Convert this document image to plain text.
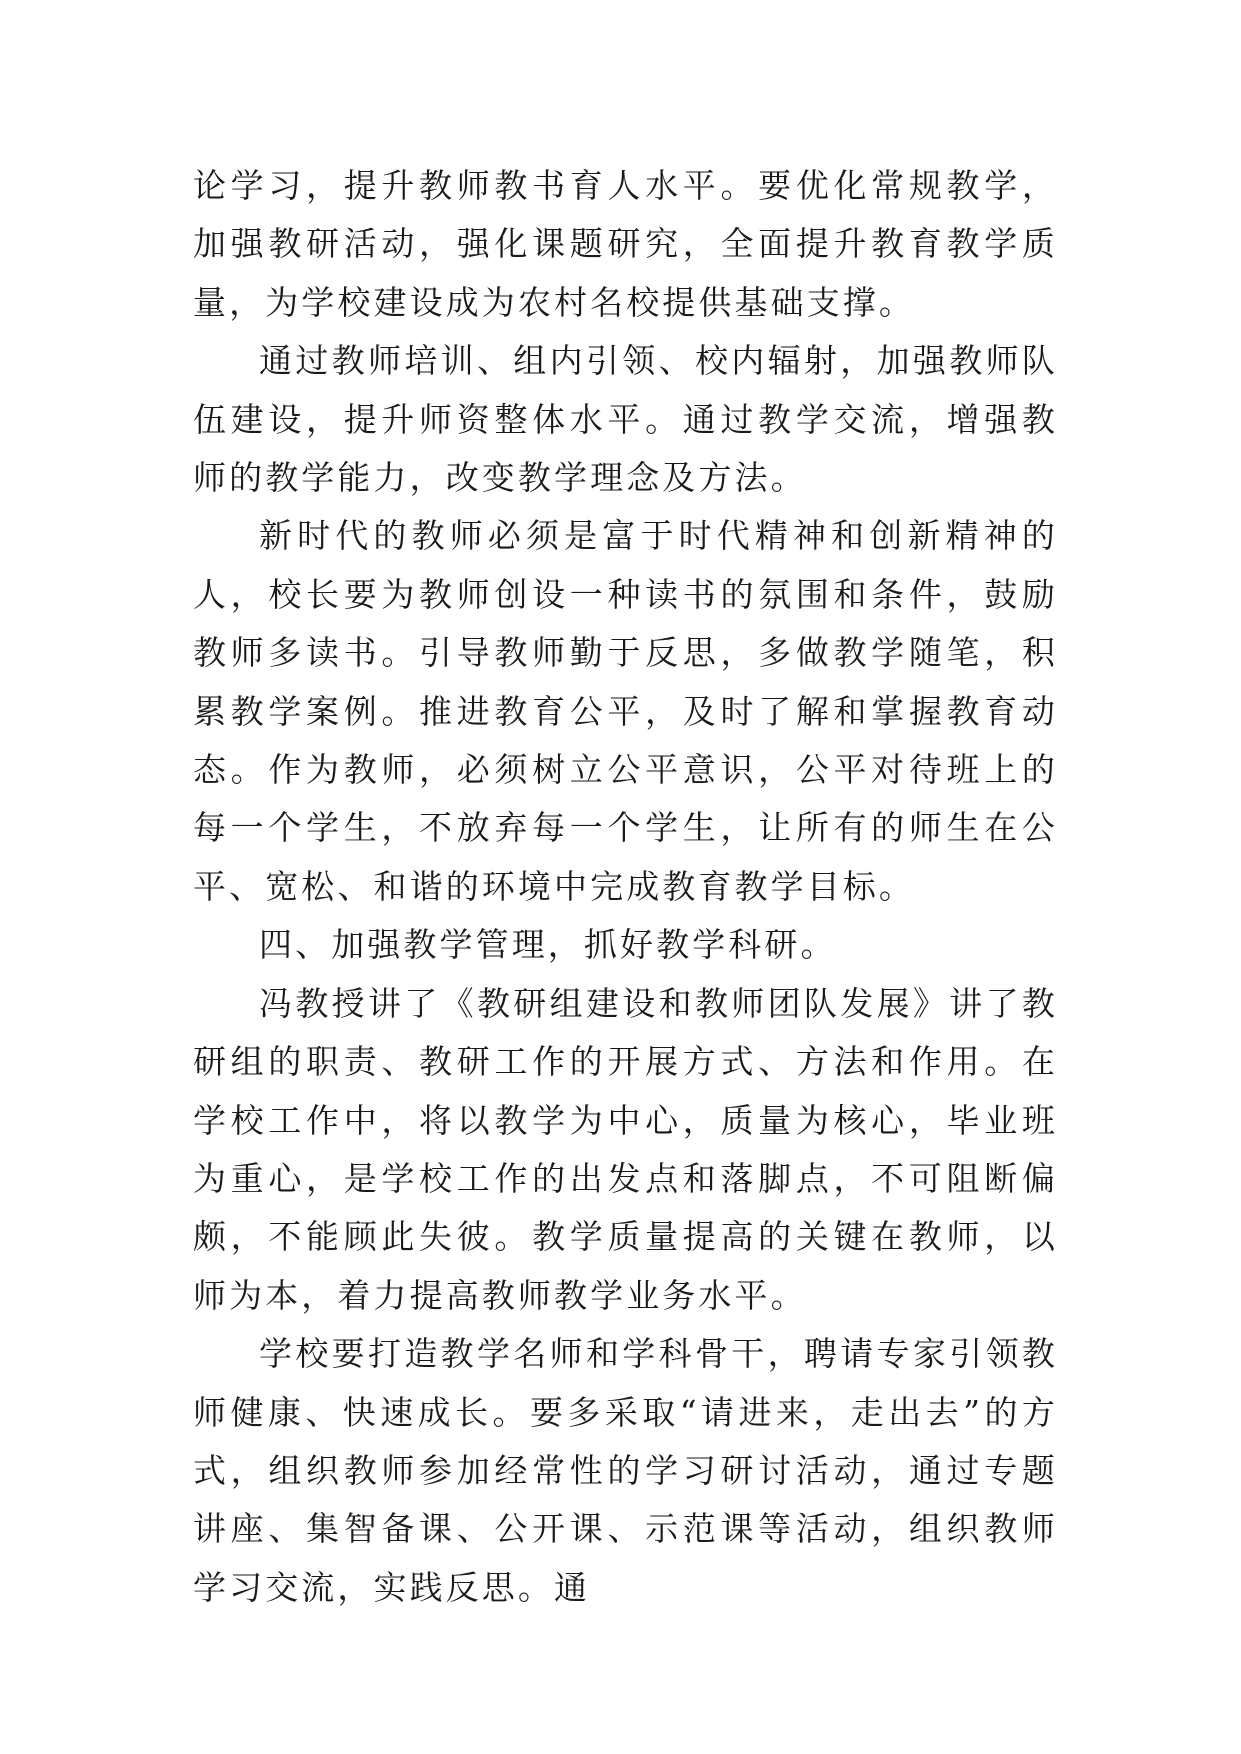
论学习，提升教师教书育人水平。要优化常规教学，加强教研活动，强化课题研究，全面提升教育教学质量，为学校建设成为农村名校提供基础支撑。

通过教师培训、组内引领、校内辐射，加强教师队伍建设，提升师资整体水平。通过教学交流，增强教师的教学能力，改变教学理念及方法。

新时代的教师必须是富于时代精神和创新精神的人，校长要为教师创设一种读书的氛围和条件，鼓励教师多读书。引导教师勤于反思，多做教学随笔，积累教学案例。推进教育公平，及时了解和掌握教育动态。作为教师，必须树立公平意识，公平对待班上的每一个学生，不放弃每一个学生，让所有的师生在公平、宽松、和谐的环境中完成教育教学目标。

四、加强教学管理，抓好教学科研。

冯教授讲了《教研组建设和教师团队发展》讲了教研组的职责、教研工作的开展方式、方法和作用。在学校工作中，将以教学为中心，质量为核心，毕业班为重心，是学校工作的出发点和落脚点，不可阻断偏颇，不能顾此失彼。教学质量提高的关键在教师，以师为本，着力提高教师教学业务水平。

学校要打造教学名师和学科骨干，聘请专家引领教师健康、快速成长。要多采取“请进来，走出去”的方式，组织教师参加经常性的学习研讨活动，通过专题讲座、集智备课、公开课、示范课等活动，组织教师学习交流，实践反思。通
